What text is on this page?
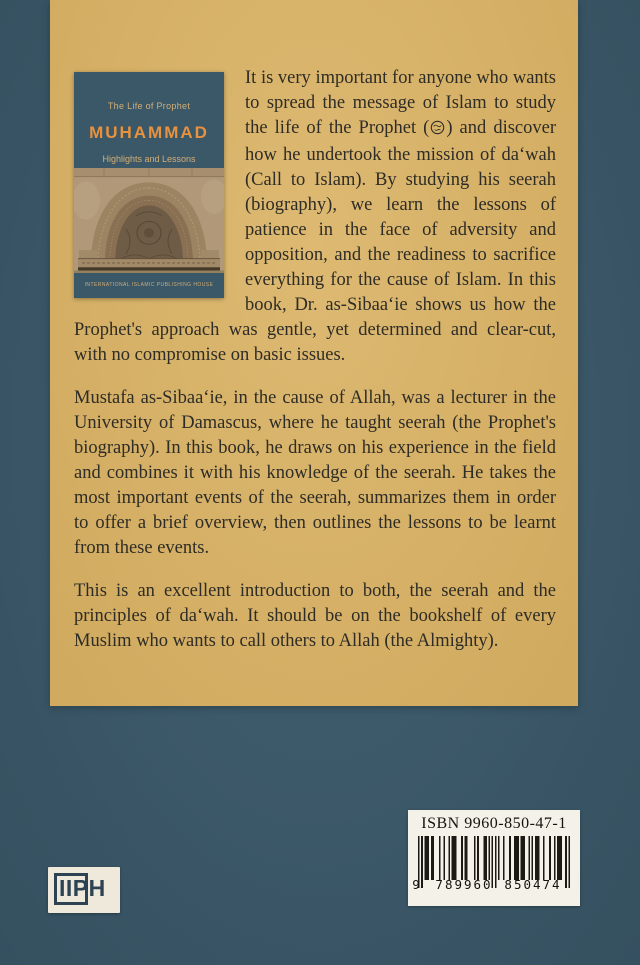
The Life of Prophet
MUHAMMAD
Highlights and Lessons
INTERNATIONAL ISLAMIC PUBLISHING HOUSE
It is very important for anyone who wants to spread the message of Islam to study the life of the Prophet ( ) and discover how he undertook the mission of da‘wah (Call to Islam). By studying his seerah (biography), we learn the lessons of patience in the face of adversity and opposition, and the readiness to sacrifice everything for the cause of Islam. In this book, Dr. as-Sibaa‘ie shows us how the Prophet's approach was gentle, yet determined and clear-cut, with no compromise on basic issues.

Mustafa as-Sibaa‘ie, in the cause of Allah, was a lecturer in the University of Damascus, where he taught seerah (the Prophet's biography). In this book, he draws on his experience in the field and combines it with his knowledge of the seerah. He takes the most important events of the seerah, summarizes them in order to offer a brief overview, then outlines the lessons to be learnt from these events.

This is an excellent introduction to both, the seerah and the principles of da‘wah. It should be on the bookshelf of every Muslim who wants to call others to Allah (the Almighty).

IIPH
ISBN 9960-850-47-1
9 789960 850474
